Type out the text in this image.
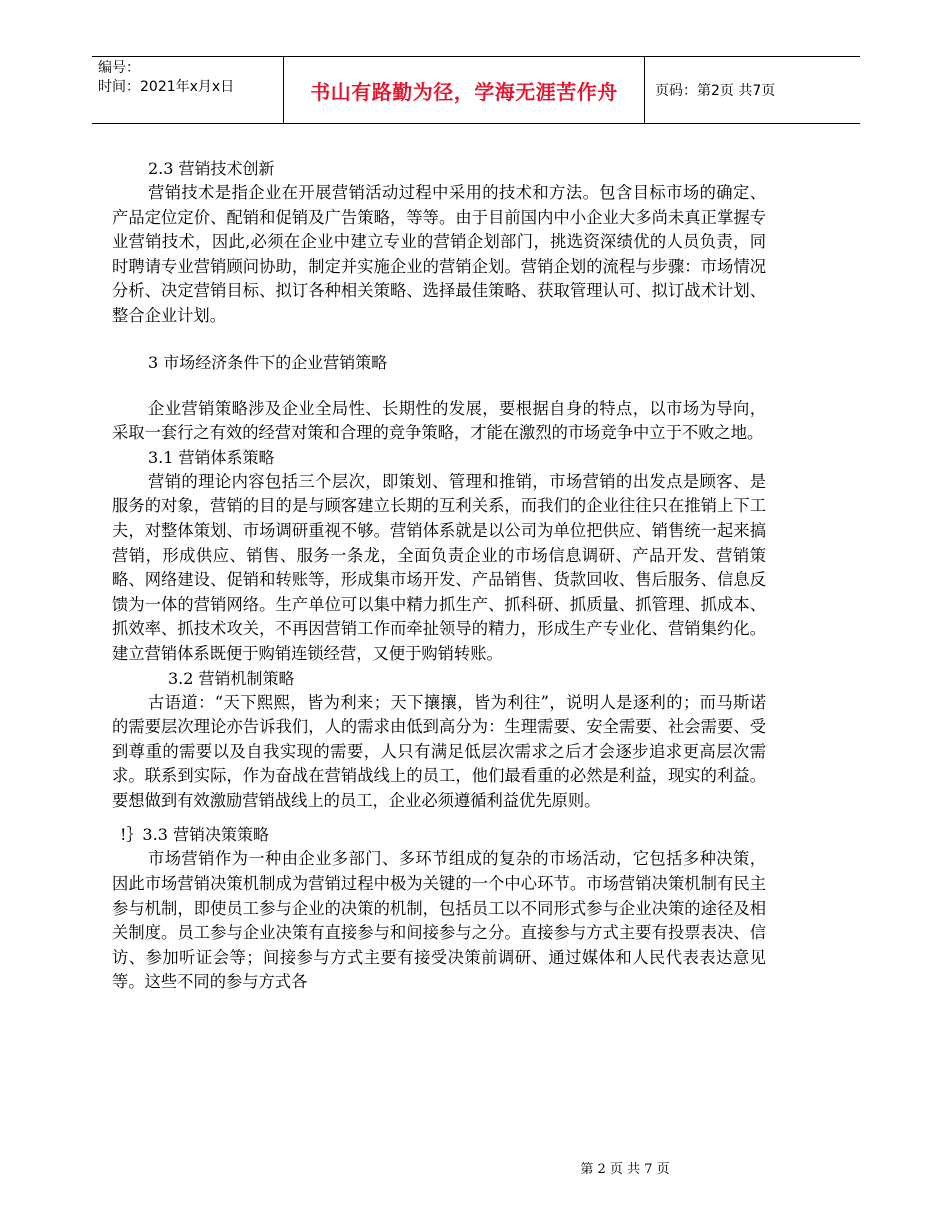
编号：
时间：2021年x月x日	书山有路勤为径，学海无涯苦作舟	页码：第2页 共7页
2.3 营销技术创新

营销技术是指企业在开展营销活动过程中采用的技术和方法。包含目标市场的确定、产品定位定价、配销和促销及广告策略，等等。由于目前国内中小企业大多尚未真正掌握专业营销技术，因此,必须在企业中建立专业的营销企划部门，挑选资深绩优的人员负责，同时聘请专业营销顾问协助，制定并实施企业的营销企划。营销企划的流程与步骤：市场情况分析、决定营销目标、拟订各种相关策略、选择最佳策略、获取管理认可、拟订战术计划、整合企业计划。

3 市场经济条件下的企业营销策略

企业营销策略涉及企业全局性、长期性的发展，要根据自身的特点，以市场为导向，采取一套行之有效的经营对策和合理的竞争策略，才能在激烈的市场竞争中立于不败之地。

3.1 营销体系策略

营销的理论内容包括三个层次，即策划、管理和推销，市场营销的出发点是顾客、是服务的对象，营销的目的是与顾客建立长期的互利关系，而我们的企业往往只在推销上下工夫，对整体策划、市场调研重视不够。营销体系就是以公司为单位把供应、销售统一起来搞营销，形成供应、销售、服务一条龙，全面负责企业的市场信息调研、产品开发、营销策略、网络建设、促销和转账等，形成集市场开发、产品销售、货款回收、售后服务、信息反馈为一体的营销网络。生产单位可以集中精力抓生产、抓科研、抓质量、抓管理、抓成本、抓效率、抓技术攻关，不再因营销工作而牵扯领导的精力，形成生产专业化、营销集约化。建立营销体系既便于购销连锁经营，又便于购销转账。

3.2 营销机制策略

古语道：“天下熙熙，皆为利来；天下攘攘，皆为利往”，说明人是逐利的；而马斯诺的需要层次理论亦告诉我们，人的需求由低到高分为：生理需要、安全需要、社会需要、受到尊重的需要以及自我实现的需要，人只有满足低层次需求之后才会逐步追求更高层次需求。联系到实际，作为奋战在营销战线上的员工，他们最看重的必然是利益，现实的利益。要想做到有效激励营销战线上的员工，企业必须遵循利益优先原则。

!｝3.3 营销决策策略

市场营销作为一种由企业多部门、多环节组成的复杂的市场活动，它包括多种决策，因此市场营销决策机制成为营销过程中极为关键的一个中心环节。市场营销决策机制有民主参与机制，即使员工参与企业的决策的机制，包括员工以不同形式参与企业决策的途径及相关制度。员工参与企业决策有直接参与和间接参与之分。直接参与方式主要有投票表决、信访、参加听证会等；间接参与方式主要有接受决策前调研、通过媒体和人民代表表达意见等。这些不同的参与方式各

第 2 页 共 7 页
